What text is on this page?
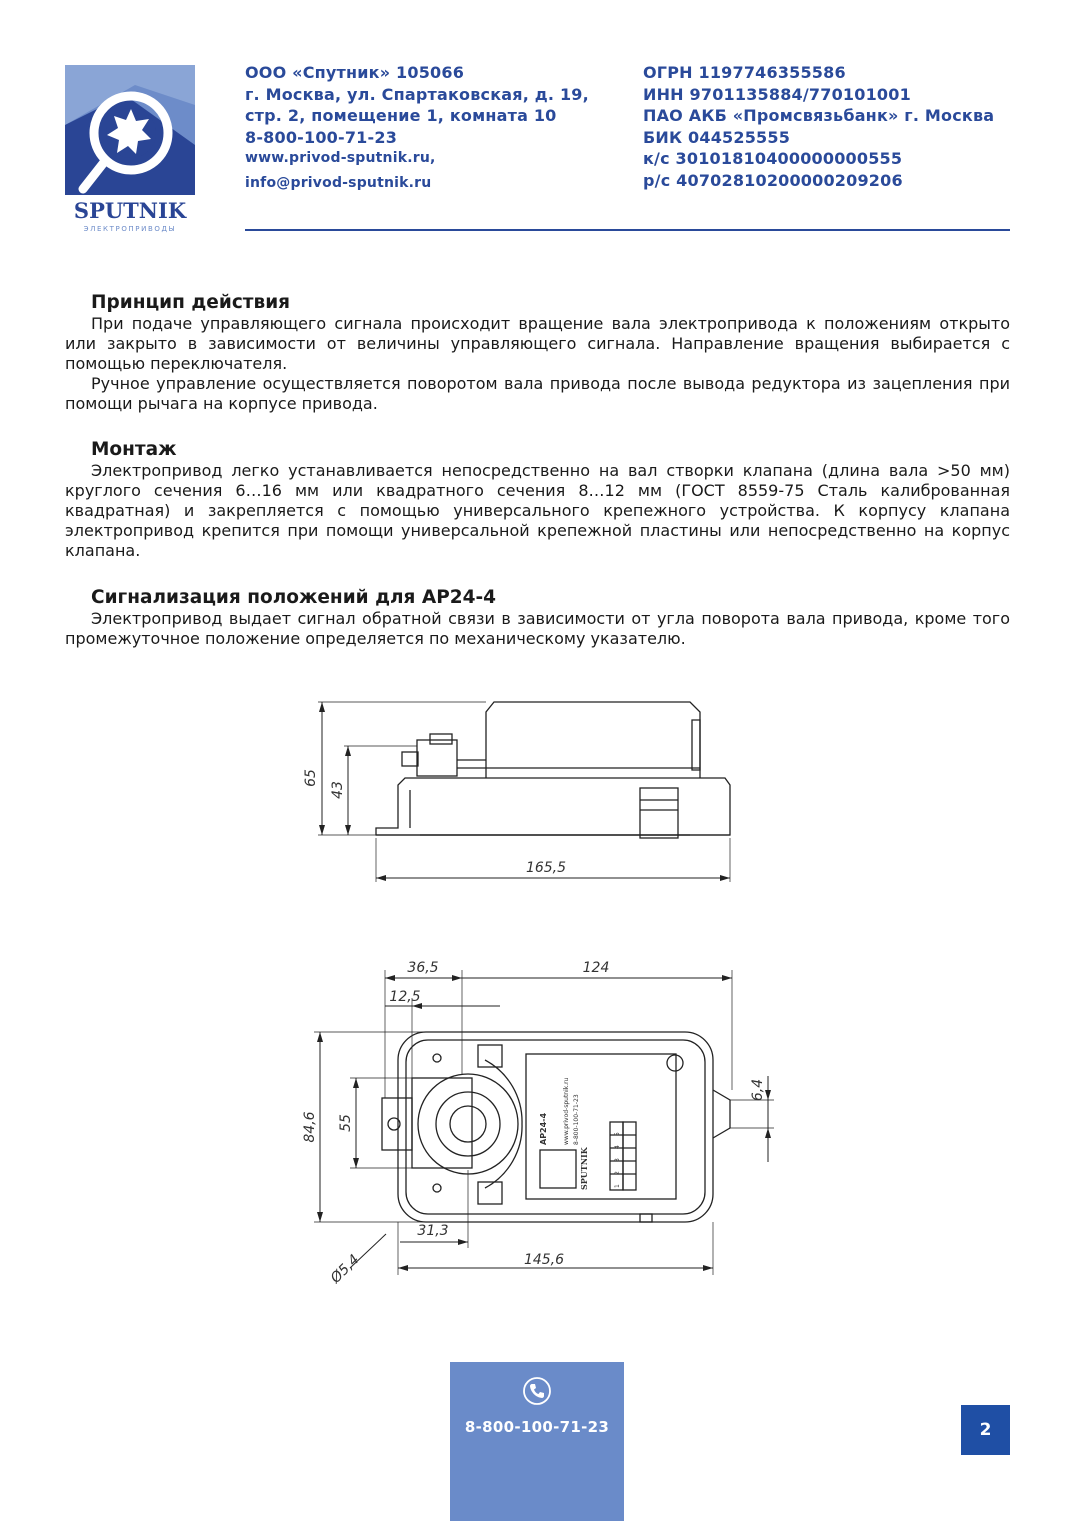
SPUTNIK
ЭЛЕКТРОПРИВОДЫ
ООО «Спутник» 105066
г. Москва, ул. Спартаковская, д. 19,
стр. 2, помещение 1, комната 10
8-800-100-71-23
www.privod-sputnik.ru,
info@privod-sputnik.ru
ОГРН 1197746355586
ИНН 9701135884/770101001
ПАО АКБ «Промсвязьбанк» г. Москва
БИК 044525555
к/с 30101810400000000555
р/с 40702810200000209206
Принцип действия

При подаче управляющего сигнала происходит вращение вала электропривода к положениям открыто или закрыто в зависимости от величины управляющего сигнала. Направление вращения выбирается с помощью переключателя.

Ручное управление осуществляется поворотом вала привода после вывода редуктора из зацепления при помощи рычага на корпусе привода.

Монтаж

Электропривод легко устанавливается непосредственно на вал створки клапана (длина вала >50 мм) круглого сечения 6…16 мм или квадратного сечения 8…12 мм (ГОСТ 8559-75 Сталь калиброванная квадратная) и закрепляется с помощью универсального крепежного устройства. К корпусу клапана электропривод крепится при помощи универсальной крепежной пластины или непосредственно на корпус клапана.

Сигнализация положений для АР24-4

Электропривод выдает сигнал обратной связи в зависимости от угла поворота вала привода, кроме того промежуточное положение определяется по механическому указателю.

65
43
165,5
36,5	124
12,5
84,6 55
6,4
31,3
Ø5,4	145,6
АР24-4	www.privod-sputnik.ru 8-800-100-71-23
SPUTNIK	1
2
3
4
5
8-800-100-71-23	2
